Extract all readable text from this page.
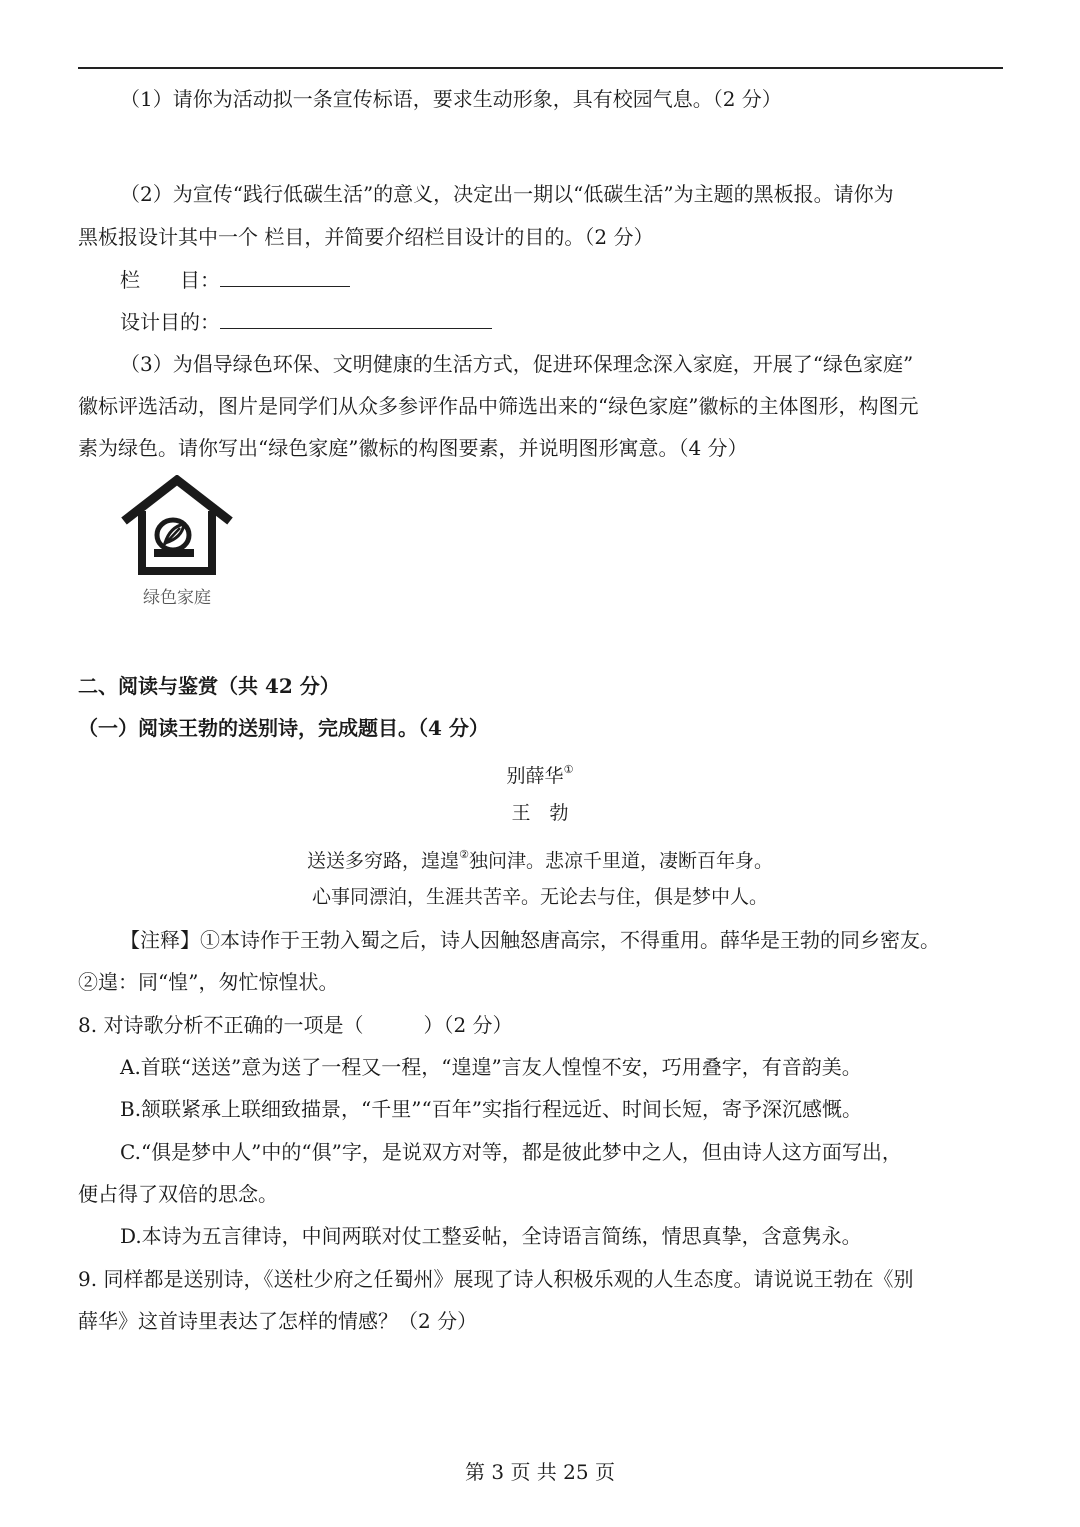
（1）请你为活动拟一条宣传标语，要求生动形象，具有校园气息。（2 分）
（2）为宣传“践行低碳生活”的意义，决定出一期以“低碳生活”为主题的黑板报。请你为
黑板报设计其中一个 栏目，并简要介绍栏目设计的目的。（2 分）
栏　　目：
设计目的：
（3）为倡导绿色环保、文明健康的生活方式，促进环保理念深入家庭，开展了“绿色家庭”
徽标评选活动，图片是同学们从众多参评作品中筛选出来的“绿色家庭”徽标的主体图形，构图元
素为绿色。请你写出“绿色家庭”徽标的构图要素，并说明图形寓意。（4 分）
绿色家庭
二、阅读与鉴赏（共 42 分）
（一）阅读王勃的送别诗，完成题目。（4 分）
别薛华①
王　勃
送送多穷路，遑遑②独问津。悲凉千里道，凄断百年身。
心事同漂泊，生涯共苦辛。无论去与住，俱是梦中人。
【注释】①本诗作于王勃入蜀之后，诗人因触怒唐高宗，不得重用。薛华是王勃的同乡密友。
②遑：同“惶”，匆忙惊惶状。
8. 对诗歌分析不正确的一项是（　　　）（2 分）
A.首联“送送”意为送了一程又一程，“遑遑”言友人惶惶不安，巧用叠字，有音韵美。
B.颔联紧承上联细致描景，“千里”“百年”实指行程远近、时间长短，寄予深沉感慨。
C.“俱是梦中人”中的“俱”字，是说双方对等，都是彼此梦中之人，但由诗人这方面写出，
便占得了双倍的思念。
D.本诗为五言律诗，中间两联对仗工整妥帖，全诗语言简练，情思真挚，含意隽永。
9. 同样都是送别诗，《送杜少府之任蜀州》展现了诗人积极乐观的人生态度。请说说王勃在《别
薛华》这首诗里表达了怎样的情感？（2 分）
第 3 页 共 25 页
